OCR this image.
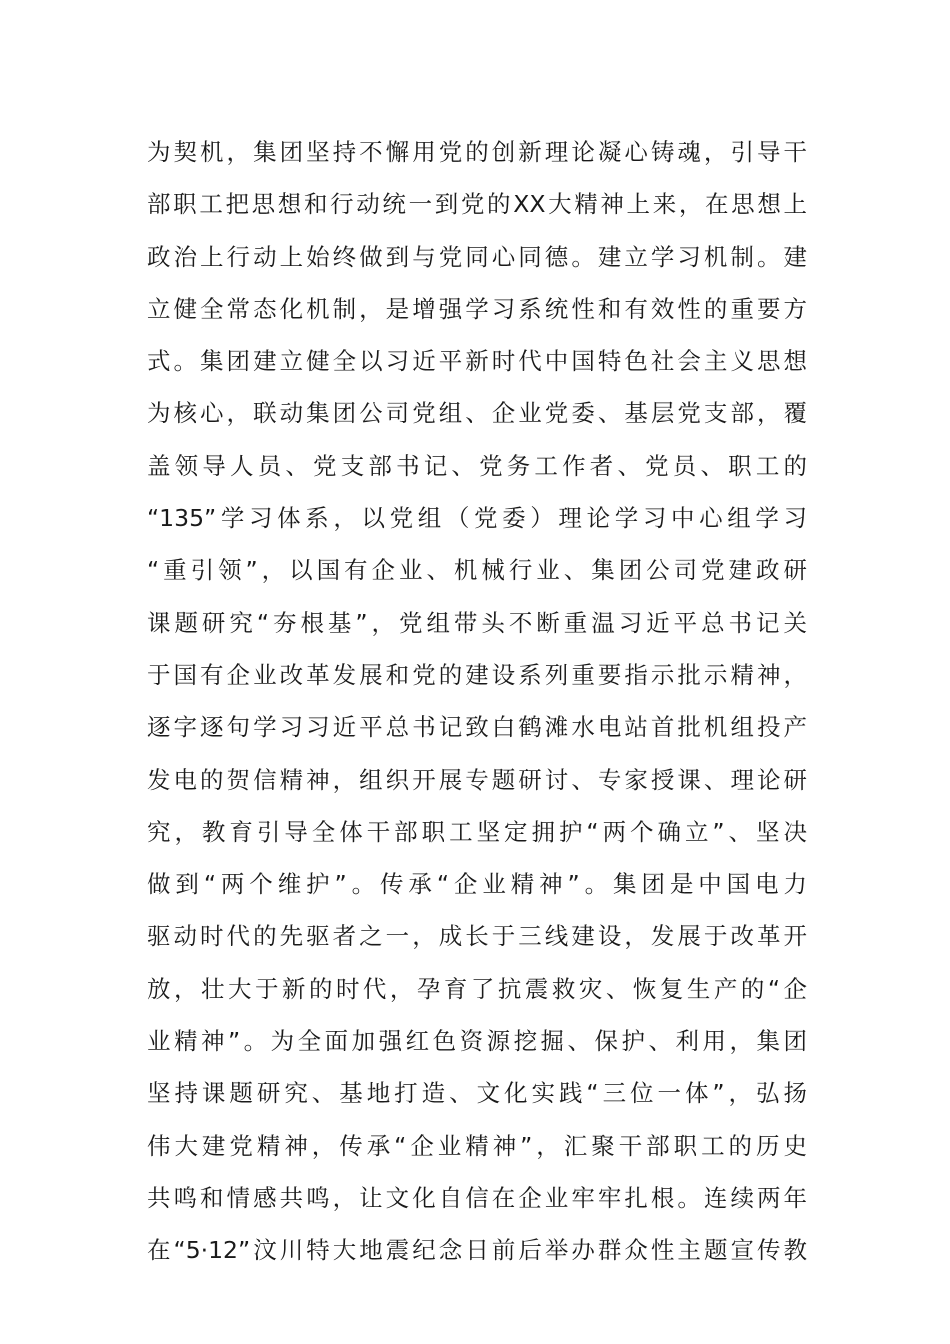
为契机，集团坚持不懈用党的创新理论凝心铸魂，引导干
部职工把思想和行动统一到党的XX大精神上来，在思想上
政治上行动上始终做到与党同心同德。建立学习机制。建
立健全常态化机制，是增强学习系统性和有效性的重要方
式。集团建立健全以习近平新时代中国特色社会主义思想
为核心，联动集团公司党组、企业党委、基层党支部，覆
盖领导人员、党支部书记、党务工作者、党员、职工的
“135”学习体系，以党组（党委）理论学习中心组学习
“重引领”，以国有企业、机械行业、集团公司党建政研
课题研究“夯根基”，党组带头不断重温习近平总书记关
于国有企业改革发展和党的建设系列重要指示批示精神，
逐字逐句学习习近平总书记致白鹤滩水电站首批机组投产
发电的贺信精神，组织开展专题研讨、专家授课、理论研
究，教育引导全体干部职工坚定拥护“两个确立”、坚决
做到“两个维护”。传承“企业精神”。集团是中国电力
驱动时代的先驱者之一，成长于三线建设，发展于改革开
放，壮大于新的时代，孕育了抗震救灾、恢复生产的“企
业精神”。为全面加强红色资源挖掘、保护、利用，集团
坚持课题研究、基地打造、文化实践“三位一体”，弘扬
伟大建党精神，传承“企业精神”，汇聚干部职工的历史
共鸣和情感共鸣，让文化自信在企业牢牢扎根。连续两年
在“5·12”汶川特大地震纪念日前后举办群众性主题宣传教
